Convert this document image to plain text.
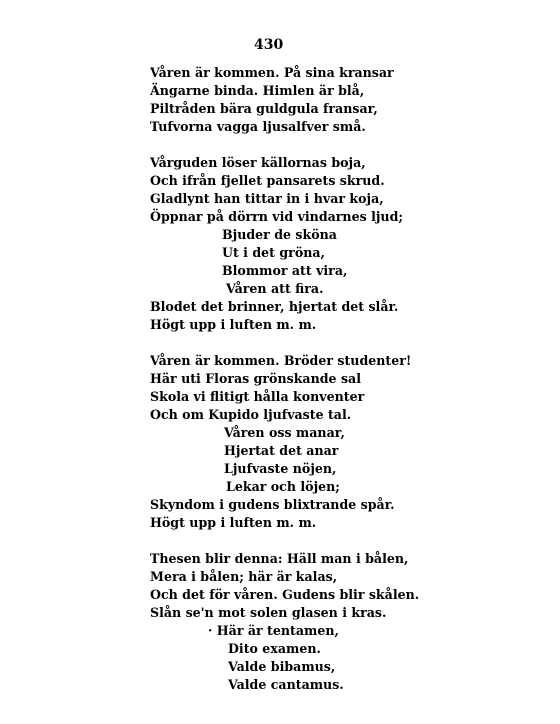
430
Våren är kommen. På sina kransar
Ängarne binda. Himlen är blå,
Piltråden bära guldgula fransar,
Tufvorna vagga ljusalfver små.
Vårguden löser källornas boja,
Och ifrån fjellet pansarets skrud.
Gladlynt han tittar in i hvar koja,
Öppnar på dörrn vid vindarnes ljud;
Bjuder de sköna
Ut i det gröna,
Blommor att vira,
Våren att fira.
Blodet det brinner, hjertat det slår.
Högt upp i luften m. m.
Våren är kommen. Bröder studenter!
Här uti Floras grönskande sal
Skola vi flitigt hålla konventer
Och om Kupido ljufvaste tal.
Våren oss manar,
Hjertat det anar
Ljufvaste nöjen,
Lekar och löjen;
Skyndom i gudens blixtrande spår.
Högt upp i luften m. m.
Thesen blir denna: Häll man i bålen,
Mera i bålen; här är kalas,
Och det för våren. Gudens blir skålen.
Slån se'n mot solen glasen i kras.
· Här är tentamen,
Dito examen.
Valde bibamus,
Valde cantamus.
